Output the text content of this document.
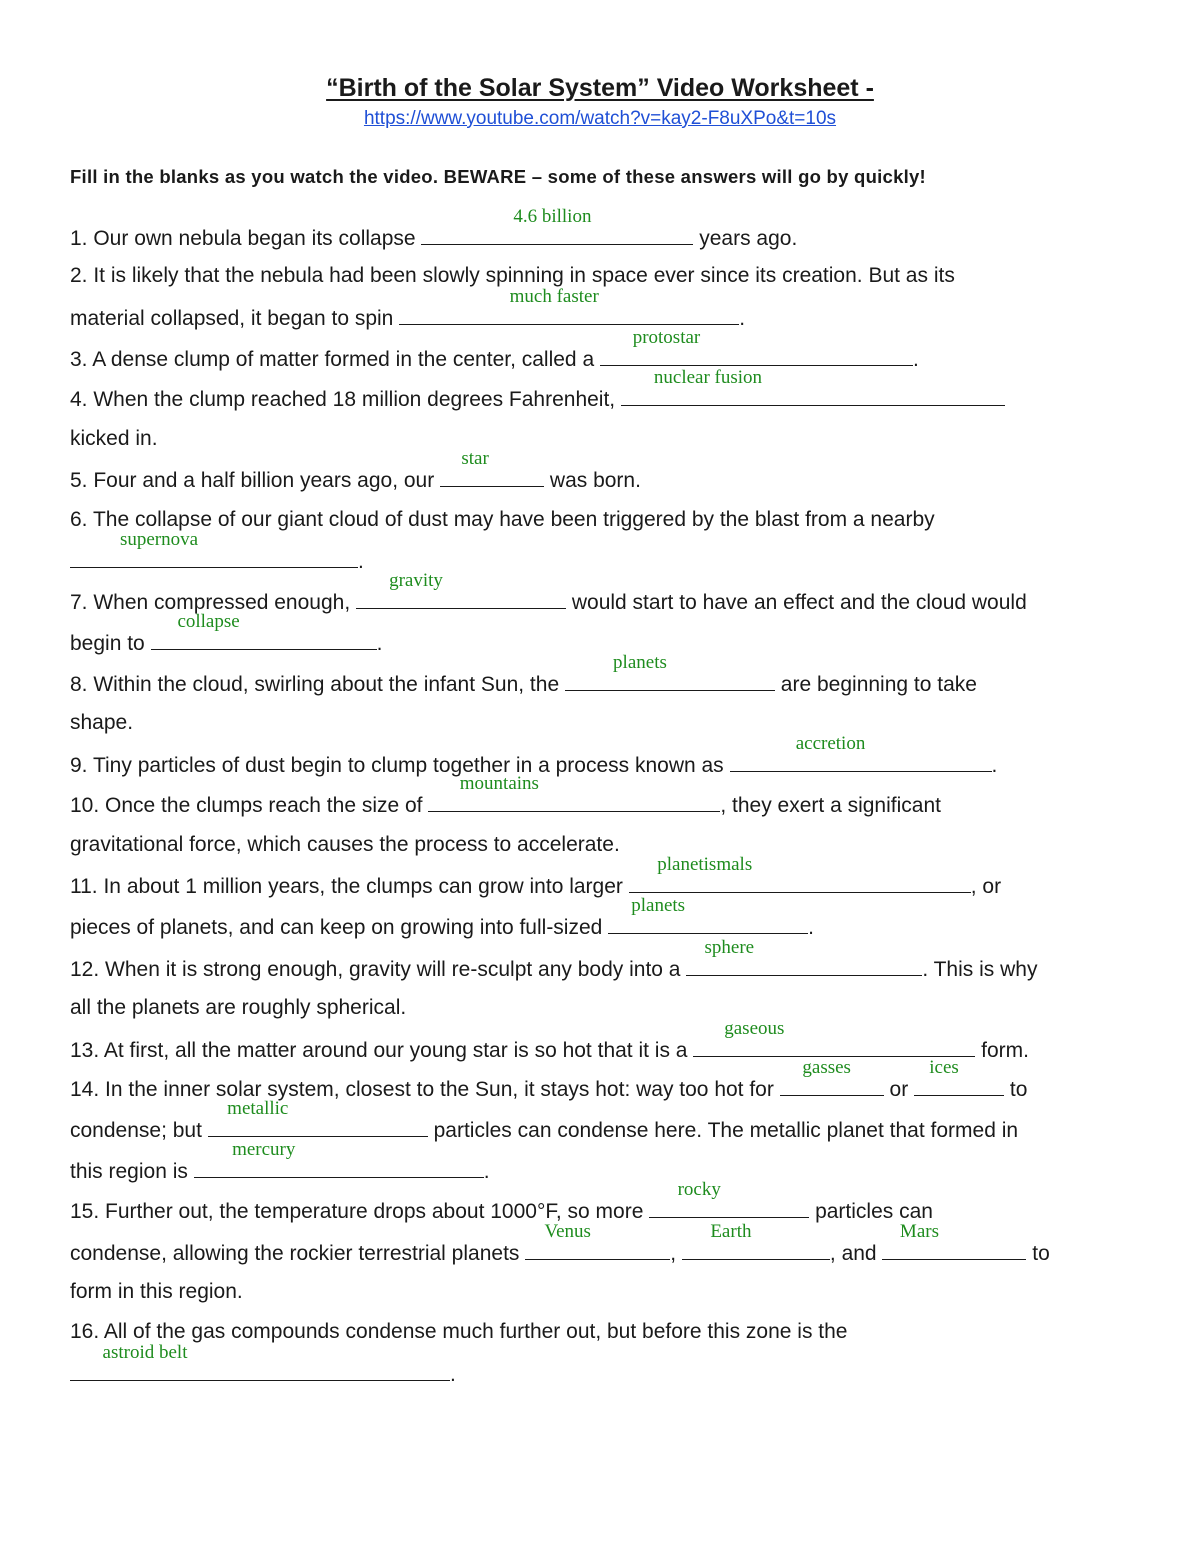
“Birth of the Solar System” Video Worksheet -
https://www.youtube.com/watch?v=kay2-F8uXPo&t=10s
Fill in the blanks as you watch the video. BEWARE – some of these answers will go by quickly!
1. Our own nebula began its collapse
4.6 billion
years ago.
2. It is likely that the nebula had been slowly spinning in space ever since its creation. But as its
material collapsed, it began to spin
much faster
.
3. A dense clump of matter formed in the center, called a
protostar
.
4. When the clump reached 18 million degrees Fahrenheit,
nuclear fusion
kicked in.
5. Four and a half billion years ago, our
star
was born.
6. The collapse of our giant cloud of dust may have been triggered by the blast from a nearby
supernova
.
7. When compressed enough,
gravity
would start to have an effect and the cloud would
begin to
collapse
.
8. Within the cloud, swirling about the infant Sun, the
planets
are beginning to take
shape.
9. Tiny particles of dust begin to clump together in a process known as
accretion
.
10. Once the clumps reach the size of
mountains
, they exert a significant
gravitational force, which causes the process to accelerate.
11. In about 1 million years, the clumps can grow into larger
planetismals
, or
pieces of planets, and can keep on growing into full-sized
planets
.
12. When it is strong enough, gravity will re-sculpt any body into a
sphere
. This is why
all the planets are roughly spherical.
13. At first, all the matter around our young star is so hot that it is a
gaseous
form.
14. In the inner solar system, closest to the Sun, it stays hot: way too hot for
gasses
or
ices
to
condense; but
metallic
particles can condense here. The metallic planet that formed in
this region is
mercury
.
15. Further out, the temperature drops about 1000°F, so more
rocky
particles can
condense, allowing the rockier terrestrial planets
Venus
,
Earth
, and
Mars
to
form in this region.
16. All of the gas compounds condense much further out, but before this zone is the
astroid belt
.
